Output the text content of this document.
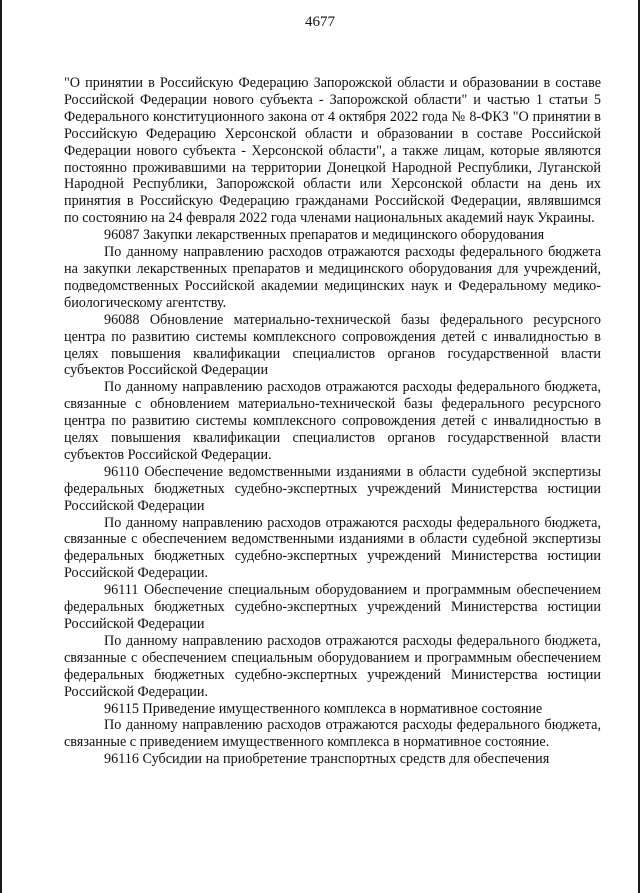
4677

"О принятии в Российскую Федерацию Запорожской области и образовании в составе Российской Федерации нового субъекта - Запорожской области" и частью 1 статьи 5 Федерального конституционного закона от 4 октября 2022 года № 8-ФКЗ "О принятии в Российскую Федерацию Херсонской области и образовании в составе Российской Федерации нового субъекта - Херсонской области", а также лицам, которые являются постоянно проживавшими на территории Донецкой Народной Республики, Луганской Народной Республики, Запорожской области или Херсонской области на день их принятия в Российскую Федерацию гражданами Российской Федерации, являвшимся по состоянию на 24 февраля 2022 года членами национальных академий наук Украины.

96087 Закупки лекарственных препаратов и медицинского оборудования

По данному направлению расходов отражаются расходы федерального бюджета на закупки лекарственных препаратов и медицинского оборудования для учреждений, подведомственных Российской академии медицинских наук и Федеральному медико-биологическому агентству.

96088 Обновление материально-технической базы федерального ресурсного центра по развитию системы комплексного сопровождения детей с инвалидностью в целях повышения квалификации специалистов органов государственной власти субъектов Российской Федерации

По данному направлению расходов отражаются расходы федерального бюджета, связанные с обновлением материально-технической базы федерального ресурсного центра по развитию системы комплексного сопровождения детей с инвалидностью в целях повышения квалификации специалистов органов государственной власти субъектов Российской Федерации.

96110 Обеспечение ведомственными изданиями в области судебной экспертизы федеральных бюджетных судебно-экспертных учреждений Министерства юстиции Российской Федерации

По данному направлению расходов отражаются расходы федерального бюджета, связанные с обеспечением ведомственными изданиями в области судебной экспертизы федеральных бюджетных судебно-экспертных учреждений Министерства юстиции Российской Федерации.

96111 Обеспечение специальным оборудованием и программным обеспечением федеральных бюджетных судебно-экспертных учреждений Министерства юстиции Российской Федерации

По данному направлению расходов отражаются расходы федерального бюджета, связанные с обеспечением специальным оборудованием и программным обеспечением федеральных бюджетных судебно-экспертных учреждений Министерства юстиции Российской Федерации.

96115 Приведение имущественного комплекса в нормативное состояние

По данному направлению расходов отражаются расходы федерального бюджета, связанные с приведением имущественного комплекса в нормативное состояние.

96116 Субсидии на приобретение транспортных средств для обеспечения
